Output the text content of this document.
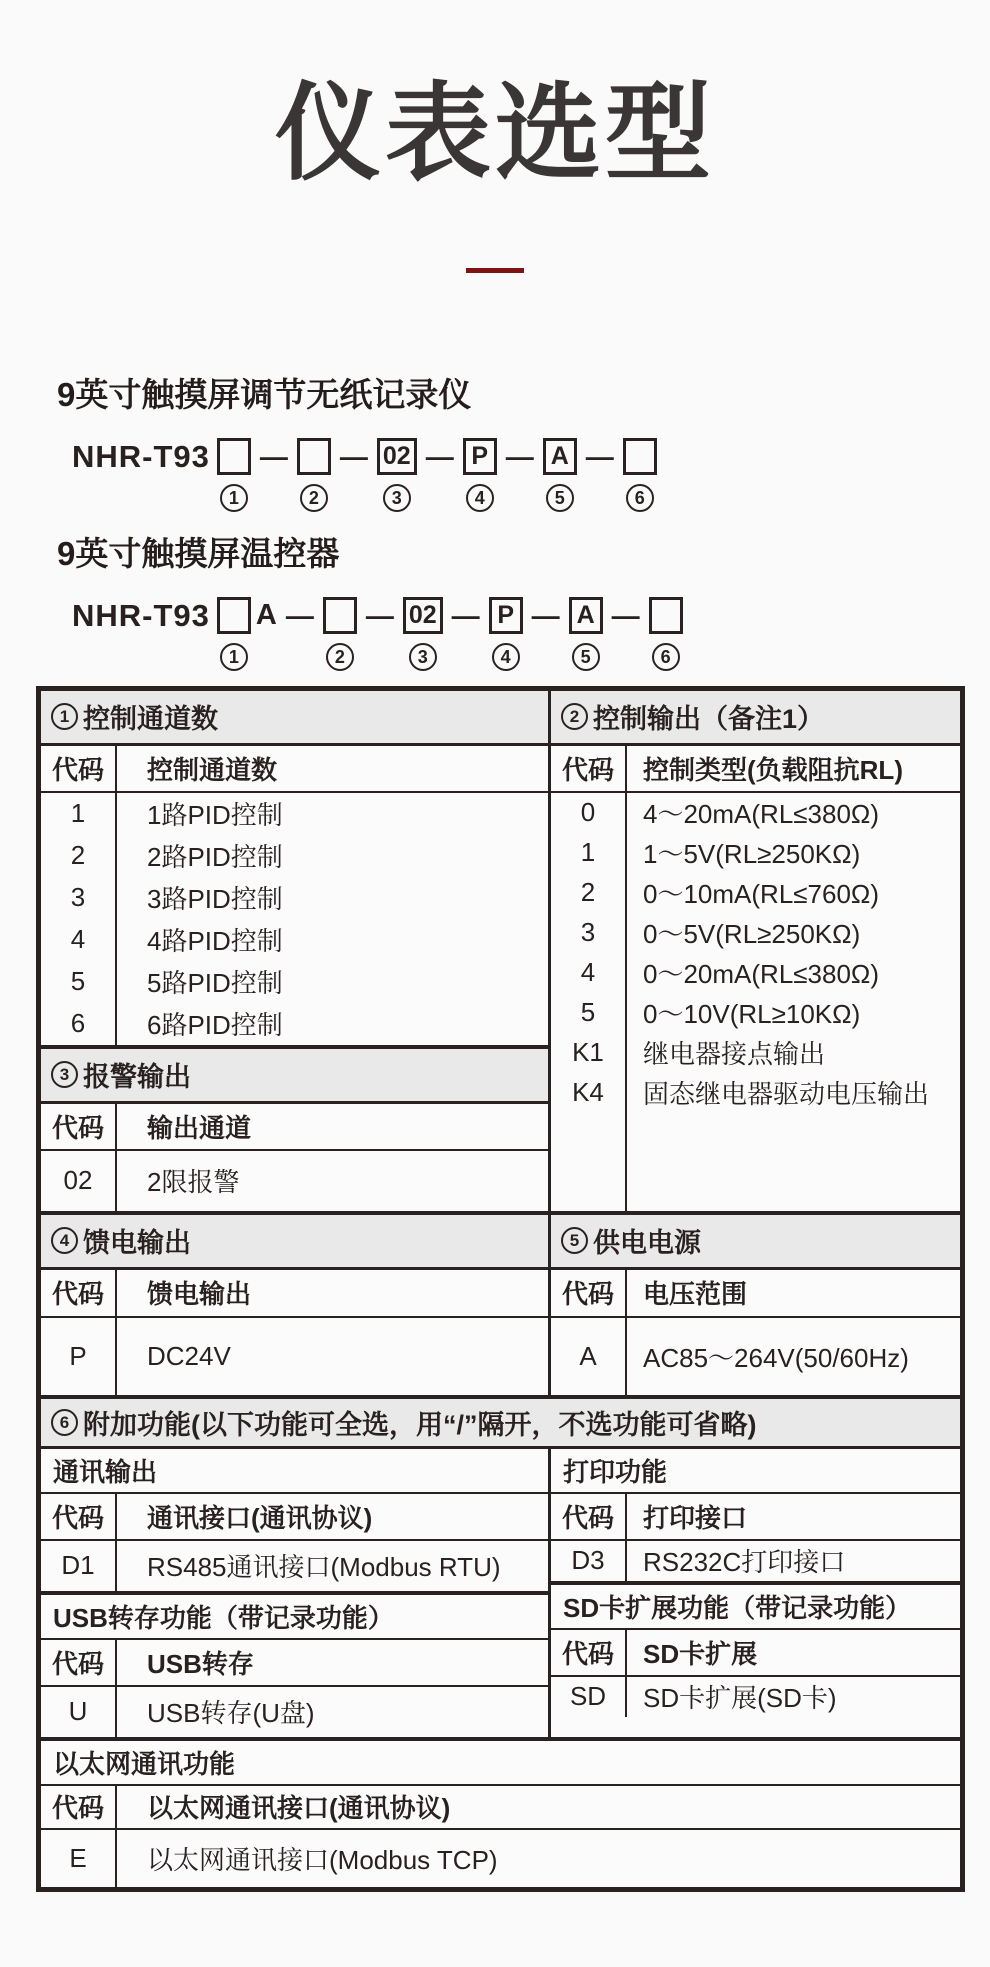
仪表选型
9英寸触摸屏调节无纸记录仪
NHR-T93
1
—
2
— 02
3
— P
4
— A
5
—
6
9英寸触摸屏温控器
NHR-T93
1
A —
2
— 02
3
— P
4
— A
5
—
6
1 控制通道数
代码	控制通道数
1	1路PID控制
2	2路PID控制
3	3路PID控制
4	4路PID控制
5	5路PID控制
6	6路PID控制
3 报警输出
代码	输出通道
02	2限报警
2 控制输出（备注1）
代码	控制类型(负载阻抗RL)
0	4～20mA(RL≤380Ω)
1	1～5V(RL≥250KΩ)
2	0～10mA(RL≤760Ω)
3	0～5V(RL≥250KΩ)
4	0～20mA(RL≤380Ω)
5	0～10V(RL≥10KΩ)
K1	继电器接点输出
K4	固态继电器驱动电压输出
4 馈电输出
代码	馈电输出
P	DC24V
5 供电电源
代码	电压范围
A	AC85～264V(50/60Hz)
6 附加功能(以下功能可全选，用“/”隔开，不选功能可省略)
通讯输出
代码	通讯接口(通讯协议)
D1	RS485通讯接口(Modbus RTU)
USB转存功能（带记录功能）
代码	USB转存
U	USB转存(U盘)
打印功能
代码	打印接口
D3	RS232C打印接口
SD卡扩展功能（带记录功能）
代码	SD卡扩展
SD	SD卡扩展(SD卡)
以太网通讯功能
代码	以太网通讯接口(通讯协议)
E	以太网通讯接口(Modbus TCP)
